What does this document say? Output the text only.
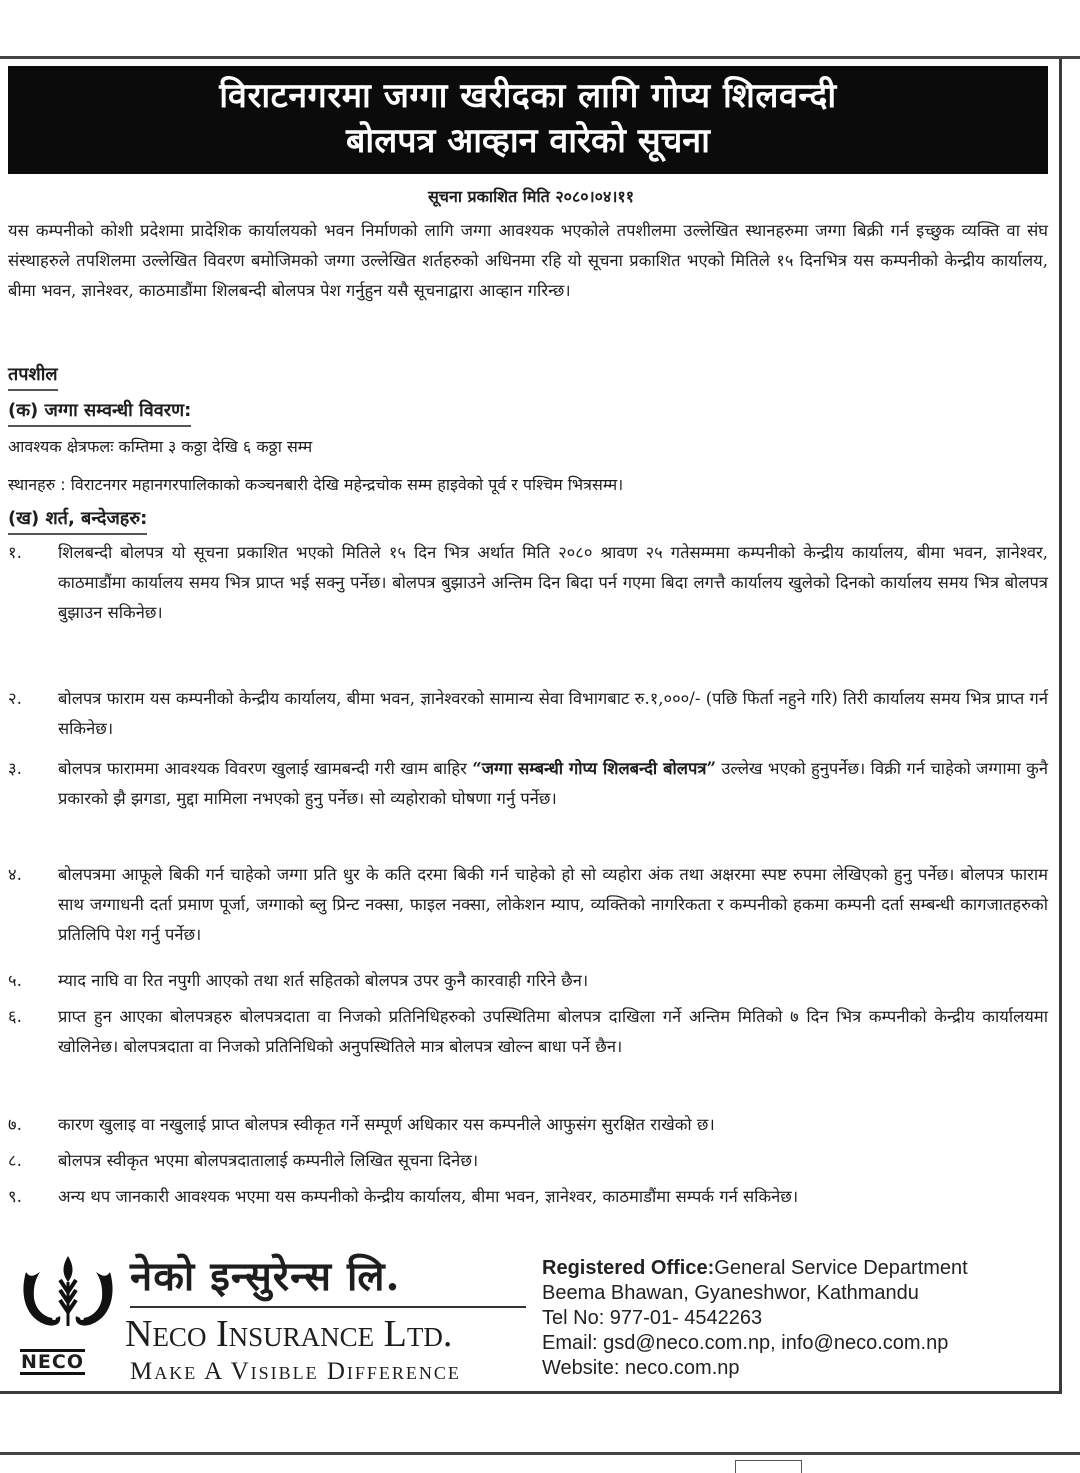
विराटनगरमा जग्गा खरीदका लागि गोप्य शिलवन्दी
बोलपत्र आव्हान वारेको सूचना
सूचना प्रकाशित मिति २०८०।०४।११
यस कम्पनीको कोशी प्रदेशमा प्रादेशिक कार्यालयको भवन निर्माणको लागि जग्गा आवश्यक भएकोले तपशीलमा उल्लेखित स्थानहरुमा जग्गा बिक्री गर्न इच्छुक व्यक्ति वा संघ संस्थाहरुले तपशिलमा उल्लेखित विवरण बमोजिमको जग्गा उल्लेखित शर्तहरुको अधिनमा रहि यो सूचना प्रकाशित भएको मितिले १५ दिनभित्र यस कम्पनीको केन्द्रीय कार्यालय, बीमा भवन, ज्ञानेश्वर, काठमाडौंमा शिलबन्दी बोलपत्र पेश गर्नुहुन यसै सूचनाद्वारा आव्हान गरिन्छ।
तपशील
(क) जग्गा सम्वन्धी विवरण:
आवश्यक क्षेत्रफलः कम्तिमा ३ कठ्ठा देखि ६ कठ्ठा सम्म
स्थानहरु : विराटनगर महानगरपालिकाको कञ्चनबारी देखि महेन्द्रचोक सम्म हाइवेको पूर्व र पश्चिम भित्रसम्म।
(ख) शर्त, बन्देजहरु:
१.	शिलबन्दी बोलपत्र यो सूचना प्रकाशित भएको मितिले १५ दिन भित्र अर्थात मिति २०८० श्रावण २५ गतेसम्ममा कम्पनीको केन्द्रीय कार्यालय, बीमा भवन, ज्ञानेश्वर, काठमाडौंमा कार्यालय समय भित्र प्राप्त भई सक्नु पर्नेछ। बोलपत्र बुझाउने अन्तिम दिन बिदा पर्न गएमा बिदा लगत्तै कार्यालय खुलेको दिनको कार्यालय समय भित्र बोलपत्र बुझाउन सकिनेछ।
२.	बोलपत्र फाराम यस कम्पनीको केन्द्रीय कार्यालय, बीमा भवन, ज्ञानेश्वरको सामान्य सेवा विभागबाट रु.१,०००/- (पछि फिर्ता नहुने गरि) तिरी कार्यालय समय भित्र प्राप्त गर्न सकिनेछ।
३.	बोलपत्र फाराममा आवश्यक विवरण खुलाई खामबन्दी गरी खाम बाहिर “जग्गा सम्बन्धी गोप्य शिलबन्दी बोलपत्र” उल्लेख भएको हुनुपर्नेछ। विक्री गर्न चाहेको जग्गामा कुनै प्रकारको झै झगडा, मुद्दा मामिला नभएको हुनु पर्नेछ। सो व्यहोराको घोषणा गर्नु पर्नेछ।
४.	बोलपत्रमा आफूले बिकी गर्न चाहेको जग्गा प्रति धुर के कति दरमा बिकी गर्न चाहेको हो सो व्यहोरा अंक तथा अक्षरमा स्पष्ट रुपमा लेखिएको हुनु पर्नेछ। बोलपत्र फाराम साथ जग्गाधनी दर्ता प्रमाण पूर्जा, जग्गाको ब्लु प्रिन्ट नक्सा, फाइल नक्सा, लोकेशन म्याप, व्यक्तिको नागरिकता र कम्पनीको हकमा कम्पनी दर्ता सम्बन्धी कागजातहरुको प्रतिलिपि पेश गर्नु पर्नेछ।
५.	म्याद नाघि वा रित नपुगी आएको तथा शर्त सहितको बोलपत्र उपर कुनै कारवाही गरिने छैन।
६.	प्राप्त हुन आएका बोलपत्रहरु बोलपत्रदाता वा निजको प्रतिनिधिहरुको उपस्थितिमा बोलपत्र दाखिला गर्ने अन्तिम मितिको ७ दिन भित्र कम्पनीको केन्द्रीय कार्यालयमा खोलिनेछ। बोलपत्रदाता वा निजको प्रतिनिधिको अनुपस्थितिले मात्र बोलपत्र खोल्न बाधा पर्ने छैन।
७.	कारण खुलाइ वा नखुलाई प्राप्त बोलपत्र स्वीकृत गर्ने सम्पूर्ण अधिकार यस कम्पनीले आफुसंग सुरक्षित राखेको छ।
८.	बोलपत्र स्वीकृत भएमा बोलपत्रदातालाई कम्पनीले लिखित सूचना दिनेछ।
९.	अन्य थप जानकारी आवश्यक भएमा यस कम्पनीको केन्द्रीय कार्यालय, बीमा भवन, ज्ञानेश्वर, काठमाडौंमा सम्पर्क गर्न सकिनेछ।
NECO
नेको इन्सुरेन्स लि.
Neco Insurance Ltd.
Make A Visible Difference
Registered Office:General Service Department
Beema Bhawan, Gyaneshwor, Kathmandu
Tel No: 977-01- 4542263
Email: gsd@neco.com.np, info@neco.com.np
Website: neco.com.np
